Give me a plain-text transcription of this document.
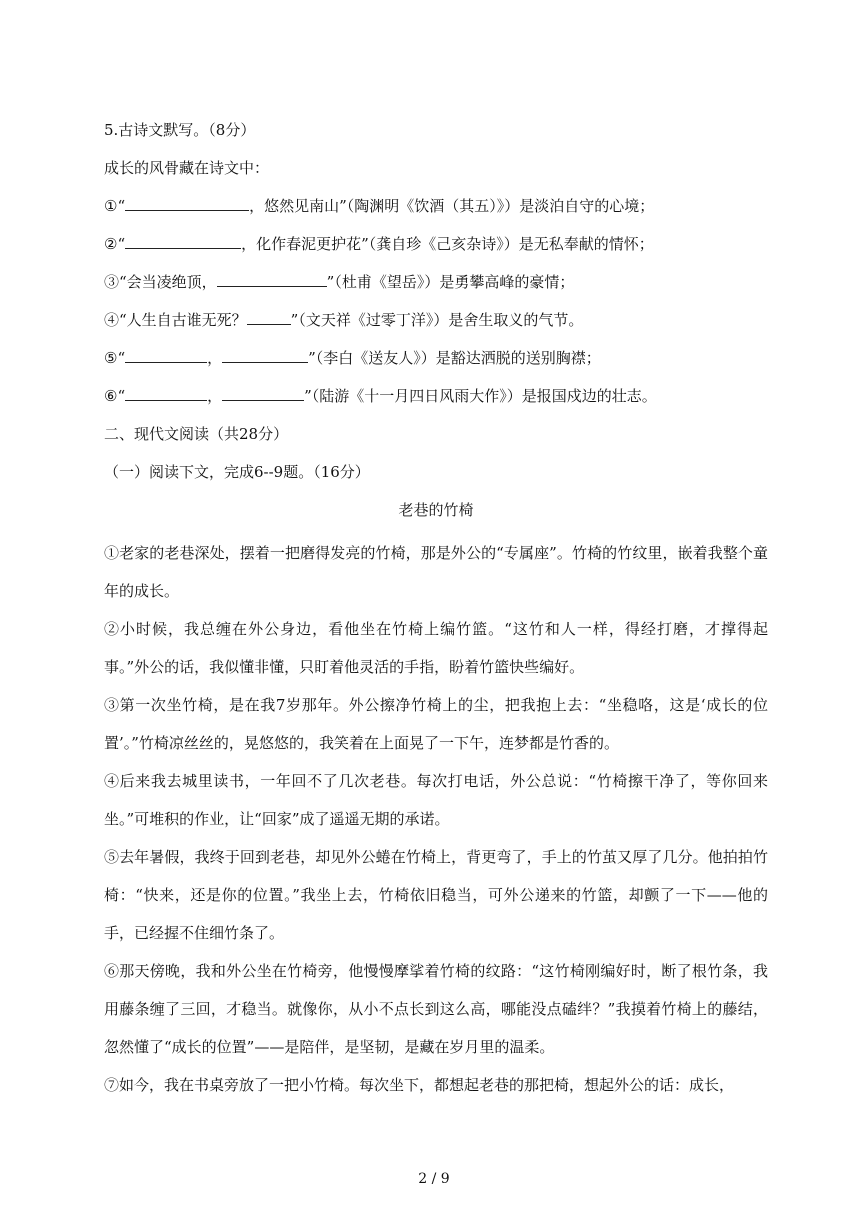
5.古诗文默写。（8分）
成长的风骨藏在诗文中：
①“	，悠然见南山”（陶渊明《饮酒（其五）》）是淡泊自守的心境；
②“	，化作春泥更护花”（龚自珍《己亥杂诗》）是无私奉献的情怀；
③“会当凌绝顶，	”（杜甫《望岳》）是勇攀高峰的豪情；
④“人生自古谁无死？	”（文天祥《过零丁洋》）是舍生取义的气节。
⑤“	，	”（李白《送友人》）是豁达洒脱的送别胸襟；
⑥“	，	”（陆游《十一月四日风雨大作》）是报国戍边的壮志。
二、现代文阅读（共28分）
（一）阅读下文，完成6--9题。（16分）
老巷的竹椅
①老家的老巷深处，摆着一把磨得发亮的竹椅，那是外公的“专属座”。竹椅的竹纹里，嵌着我整个童年的成长。
②小时候，我总缠在外公身边，看他坐在竹椅上编竹篮。“这竹和人一样，得经打磨，才撑得起事。”外公的话，我似懂非懂，只盯着他灵活的手指，盼着竹篮快些编好。
③第一次坐竹椅，是在我7岁那年。外公擦净竹椅上的尘，把我抱上去：“坐稳咯，这是‘成长的位置’。”竹椅凉丝丝的，晃悠悠的，我笑着在上面晃了一下午，连梦都是竹香的。
④后来我去城里读书，一年回不了几次老巷。每次打电话，外公总说：“竹椅擦干净了，等你回来坐。”可堆积的作业，让“回家”成了遥遥无期的承诺。
⑤去年暑假，我终于回到老巷，却见外公蜷在竹椅上，背更弯了，手上的竹茧又厚了几分。他拍拍竹椅：“快来，还是你的位置。”我坐上去，竹椅依旧稳当，可外公递来的竹篮，却颤了一下——他的手，已经握不住细竹条了。
⑥那天傍晚，我和外公坐在竹椅旁，他慢慢摩挲着竹椅的纹路：“这竹椅刚编好时，断了根竹条，我用藤条缠了三回，才稳当。就像你，从小不点长到这么高，哪能没点磕绊？”我摸着竹椅上的藤结，忽然懂了“成长的位置”——是陪伴，是坚韧，是藏在岁月里的温柔。
⑦如今，我在书桌旁放了一把小竹椅。每次坐下，都想起老巷的那把椅，想起外公的话：成长，
2 / 9
